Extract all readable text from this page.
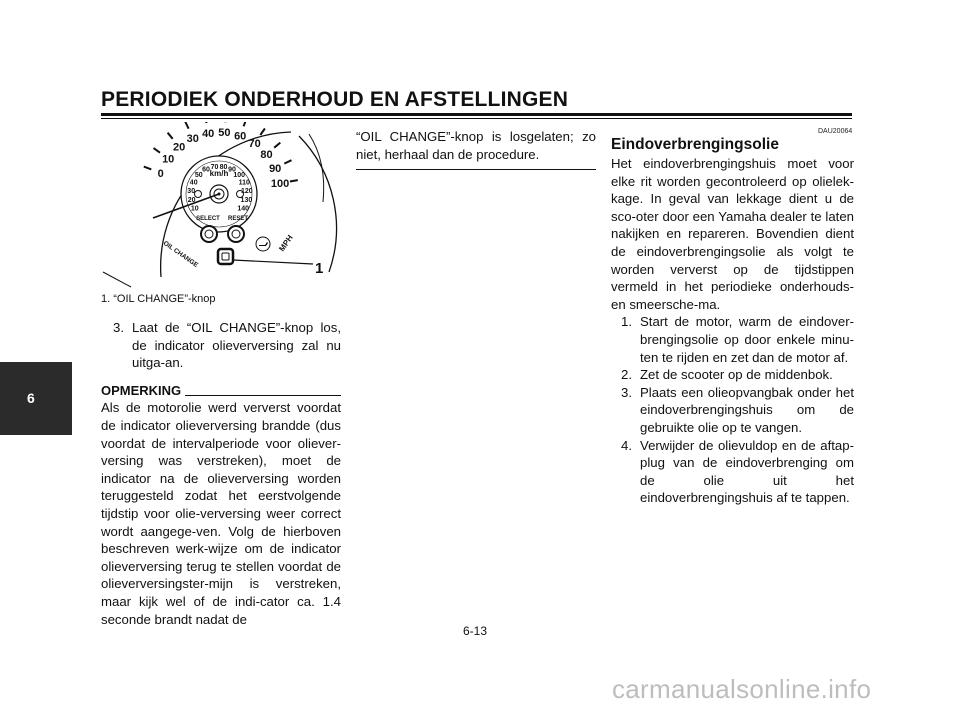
PERIODIEK ONDERHOUD EN AFSTELLINGEN
6
0
10
20
30 40 50 60
70
80
90
100
10
20
30
40
50
60 70 80 90
100
110
120
130
140
km/h
SELECT RESET
OIL CHANGE	MPH
1
1. “OIL CHANGE”-knop
3. Laat de “OIL CHANGE”-knop los, de indicator olieverversing zal nu uitga-an.
OPMERKING
Als de motorolie werd ververst voordat de indicator olieverversing brandde (dus voordat de intervalperiode voor oliever-versing was verstreken), moet de indicator na de olieverversing worden teruggesteld zodat het eerstvolgende tijdstip voor olie-verversing weer correct wordt aangege-ven. Volg de hierboven beschreven werk-wijze om de indicator olieverversing terug te stellen voordat de olieverversingster-mijn is verstreken, maar kijk wel of de indi-cator ca. 1.4 seconde brandt nadat de
“OIL CHANGE”-knop is losgelaten; zo niet, herhaal dan de procedure.
DAU20064
Eindoverbrengingsolie
Het eindoverbrengingshuis moet voor elke rit worden gecontroleerd op olielek-kage. In geval van lekkage dient u de sco-oter door een Yamaha dealer te laten nakijken en repareren. Bovendien dient de eindoverbrengingsolie als volgt te worden ververst op de tijdstippen vermeld in het periodieke onderhouds- en smeersche-ma.
1. Start de motor, warm de eindover-brengingsolie op door enkele minu-ten te rijden en zet dan de motor af.
2. Zet de scooter op de middenbok.
3. Plaats een olieopvangbak onder het eindoverbrengingshuis om de gebruikte olie op te vangen.
4. Verwijder de olievuldop en de aftap-plug van de eindoverbrenging om de olie uit het eindoverbrengingshuis af te tappen.
6-13
carmanualsonline.info
